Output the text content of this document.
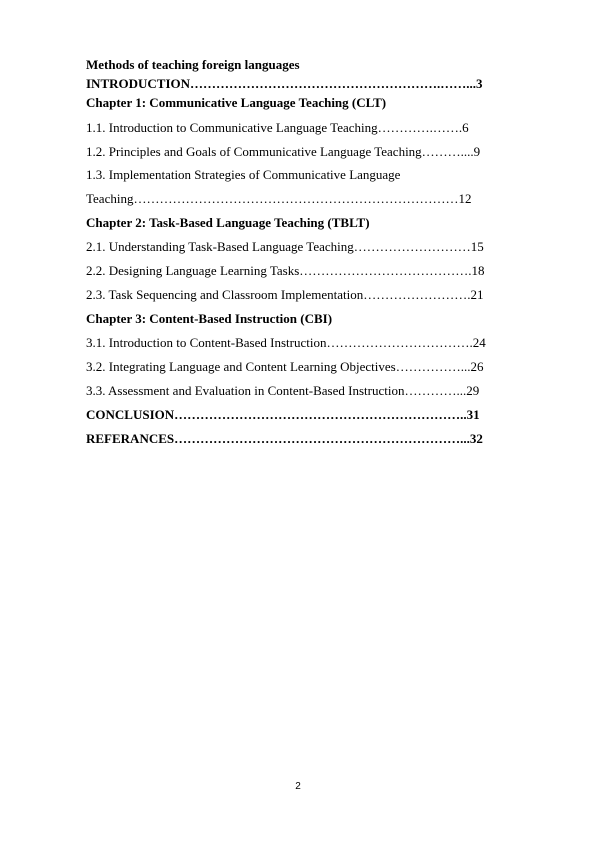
Methods of teaching foreign languages
INTRODUCTION………………………………………………….……...3
Chapter 1: Communicative Language Teaching (CLT)
1.1. Introduction to Communicative Language Teaching………….…….6
1.2. Principles and Goals of Communicative Language Teaching………....9
1.3. Implementation Strategies of Communicative Language
Teaching…………………………………………………………………12
Chapter 2: Task-Based Language Teaching (TBLT)
2.1. Understanding Task-Based Language Teaching………………………15
2.2. Designing Language Learning Tasks………………………………….18
2.3. Task Sequencing and Classroom Implementation…………………….21
Chapter 3: Content-Based Instruction (CBI)
3.1. Introduction to Content-Based Instruction…………………………….24
3.2. Integrating Language and Content Learning Objectives……………...26
3.3. Assessment and Evaluation in Content-Based Instruction…………...29
CONCLUSION…………………………………………………………..31
REFERANCES…………………………………………………………...32
2
